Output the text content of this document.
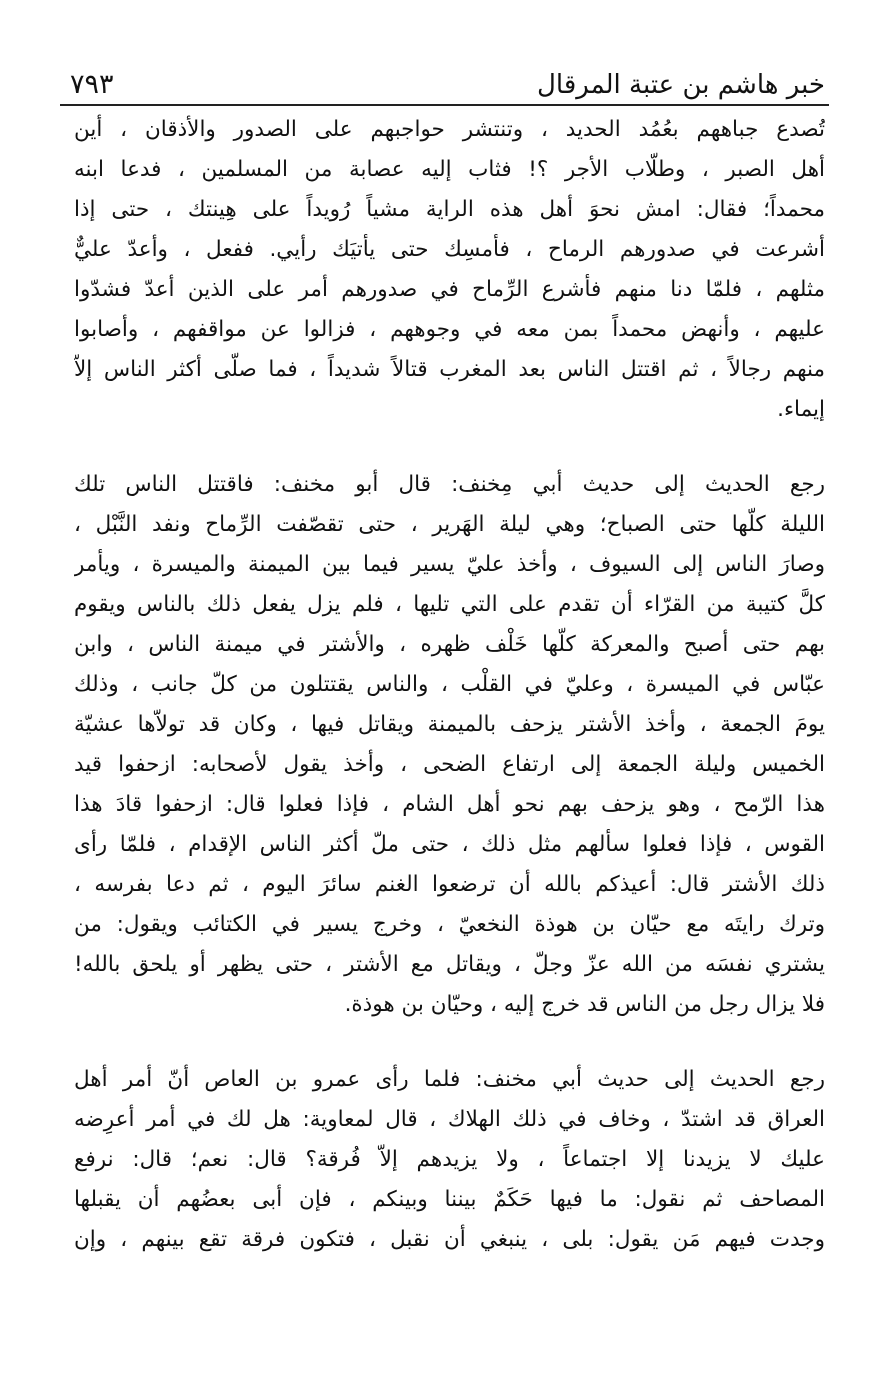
خبر هاشم بن عتبة المرقال
٧٩٣

تُصدع جباههم بعُمُد الحديد ، وتنتشر حواجبهم على الصدور والأذقان ، أين
أهل الصبر ، وطلّاب الأجر ؟! فثاب إليه عصابة من المسلمين ، فدعا ابنه
محمداً؛ فقال: امش نحوَ أهل هذه الراية مشياً رُويداً على هِينتك ، حتى إذا
أشرعت في صدورهم الرماح ، فأمسِك حتى يأتيَك رأيي. ففعل ، وأعدّ عليٌّ
مثلهم ، فلمّا دنا منهم فأشرع الرِّماح في صدورهم أمر على الذين أعدّ فشدّوا
عليهم ، وأنهض محمداً بمن معه في وجوههم ، فزالوا عن مواقفهم ، وأصابوا
منهم رجالاً ، ثم اقتتل الناس بعد المغرب قتالاً شديداً ، فما صلّى أكثر الناس إلاّ
إيماء.

رجع الحديث إلى حديث أبي مِخنف: قال أبو مخنف: فاقتتل الناس تلك
الليلة كلّها حتى الصباح؛ وهي ليلة الهَرير ، حتى تقصّفت الرِّماح ونفد النَّبْل ،
وصارَ الناس إلى السيوف ، وأخذ عليّ يسير فيما بين الميمنة والميسرة ، ويأمر
كلَّ كتيبة من القرّاء أن تقدم على التي تليها ، فلم يزل يفعل ذلك بالناس ويقوم
بهم حتى أصبح والمعركة كلّها خَلْف ظهره ، والأشتر في ميمنة الناس ، وابن
عبّاس في الميسرة ، وعليّ في القلْب ، والناس يقتتلون من كلّ جانب ، وذلك
يومَ الجمعة ، وأخذ الأشتر يزحف بالميمنة ويقاتل فيها ، وكان قد تولاّها عشيّة
الخميس وليلة الجمعة إلى ارتفاع الضحى ، وأخذ يقول لأصحابه: ازحفوا قيد
هذا الرّمح ، وهو يزحف بهم نحو أهل الشام ، فإذا فعلوا قال: ازحفوا قادَ هذا
القوس ، فإذا فعلوا سألهم مثل ذلك ، حتى ملّ أكثر الناس الإقدام ، فلمّا رأى
ذلك الأشتر قال: أعيذكم بالله أن ترضعوا الغنم سائرَ اليوم ، ثم دعا بفرسه ،
وترك رايتَه مع حيّان بن هوذة النخعيّ ، وخرج يسير في الكتائب ويقول: من
يشتري نفسَه من الله عزّ وجلّ ، ويقاتل مع الأشتر ، حتى يظهر أو يلحق بالله!
فلا يزال رجل من الناس قد خرج إليه ، وحيّان بن هوذة.

رجع الحديث إلى حديث أبي مخنف: فلما رأى عمرو بن العاص أنّ أمر أهل
العراق قد اشتدّ ، وخاف في ذلك الهلاك ، قال لمعاوية: هل لك في أمر أعرِضه
عليك لا يزيدنا إلا اجتماعاً ، ولا يزيدهم إلاّ فُرقة؟ قال: نعم؛ قال: نرفع
المصاحف ثم نقول: ما فيها حَكَمٌ بيننا وبينكم ، فإن أبى بعضُهم أن يقبلها
وجدت فيهم مَن يقول: بلى ، ينبغي أن نقبل ، فتكون فرقة تقع بينهم ، وإن
